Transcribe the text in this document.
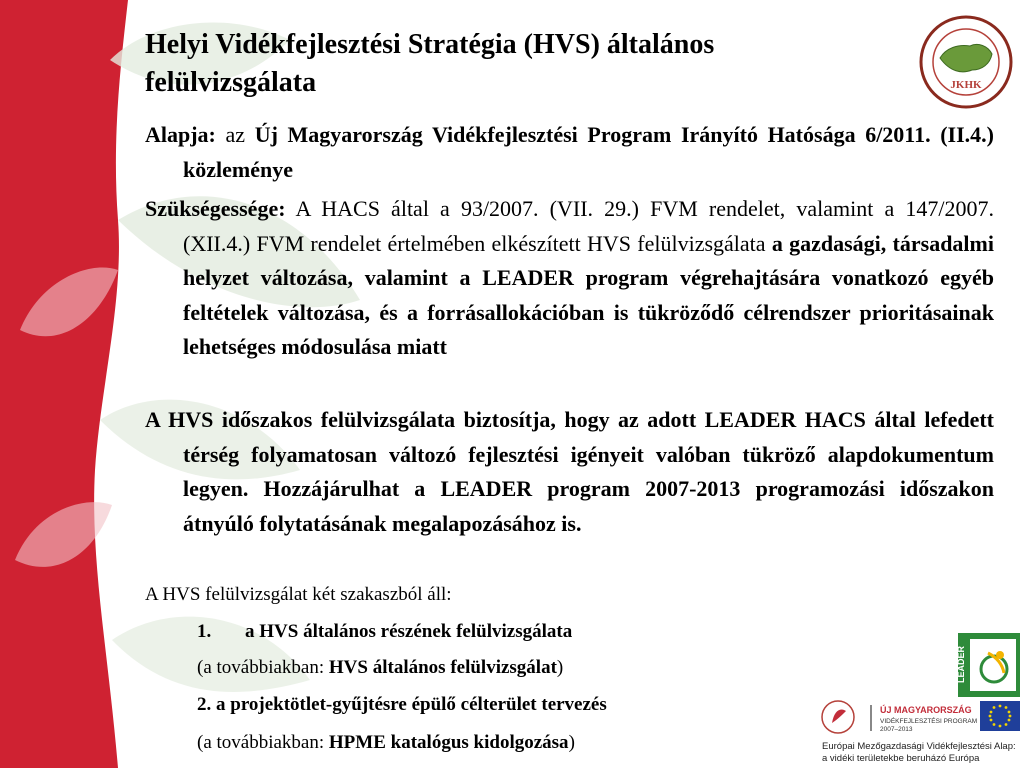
Helyi Vidékfejlesztési Stratégia (HVS) általános felülvizsgálata
Alapja: az Új Magyarország Vidékfejlesztési Program Irányító Hatósága 6/2011. (II.4.) közleménye
Szükségessége: A HACS által a 93/2007. (VII. 29.) FVM rendelet, valamint a 147/2007. (XII.4.) FVM rendelet értelmében elkészített HVS felülvizsgálata a gazdasági, társadalmi helyzet változása, valamint a LEADER program végrehajtására vonatkozó egyéb feltételek változása, és a forrásallokációban is tükröződő célrendszer prioritásainak lehetséges módosulása miatt
A HVS időszakos felülvizsgálata biztosítja, hogy az adott LEADER HACS által lefedett térség folyamatosan változó fejlesztési igényeit valóban tükröző alapdokumentum legyen. Hozzájárulhat a LEADER program 2007-2013 programozási időszakon átnyúló folytatásának megalapozásához is.
A HVS felülvizsgálat két szakaszból áll:
1. a HVS általános részének felülvizsgálata
(a továbbiakban: HVS általános felülvizsgálat)
2. a projektötlet-gyűjtésre épülő célterület tervezés
(a továbbiakban: HPME katalógus kidolgozása)
JKHK
LEADER
ÚJ MAGYARORSZÁG
VIDÉKFEJLESZTÉSI PROGRAM
2007–2013
Európai Mezőgazdasági Vidékfejlesztési Alap:
a vidéki területekbe beruházó Európa
